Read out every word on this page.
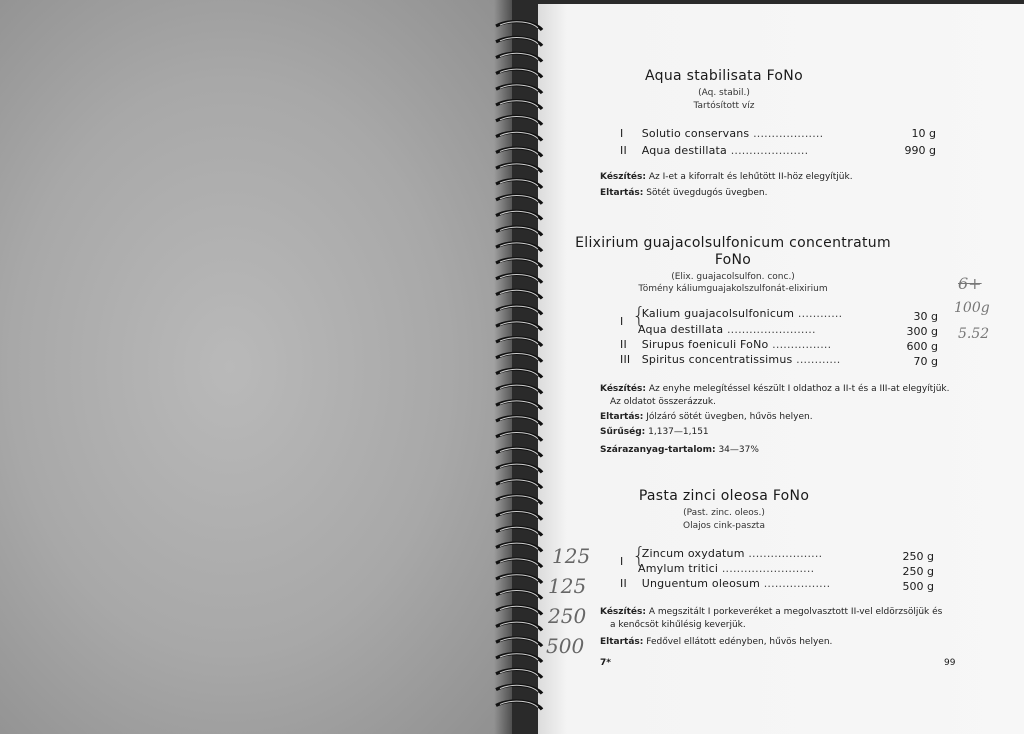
Aqua stabilisata FoNo
(Aq. stabil.)
Tartósított víz
I Solutio conservans ...................	10 g
II Aqua destillata .....................	990 g
Készítés: Az I-et a kiforralt és lehűtött II-höz elegyítjük.
Eltartás: Sötét üvegdugós üvegben.
Elixirium guajacolsulfonicum concentratum
FoNo
(Elix. guajacolsulfon. conc.)
Tömény káliumguajakolszulfonát-elixirium
{
I Kalium guajacolsulfonicum ............	30 g
Aqua destillata ........................	300 g
II Sirupus foeniculi FoNo ................	600 g
III Spiritus concentratissimus ............	70 g
Készítés: Az enyhe melegítéssel készült I oldathoz a II-t és a III-at elegyítjük.
Az oldatot összerázzuk.
Eltartás: Jólzáró sötét üvegben, hűvös helyen.
Sűrűség: 1,137—1,151
Szárazanyag-tartalom: 34—37%
Pasta zinci oleosa FoNo
(Past. zinc. oleos.)
Olajos cink-paszta
{
I Zincum oxydatum ....................	250 g
Amylum tritici .........................	250 g
II Unguentum oleosum ..................	500 g
Készítés: A megszitált I porkeveréket a megolvasztott II-vel eldörzsöljük és
a kenőcsöt kihűlésig keverjük.
Eltartás: Fedővel ellátott edényben, hűvös helyen.
7*	99
6+
100g
5.52
125
125
250
500
